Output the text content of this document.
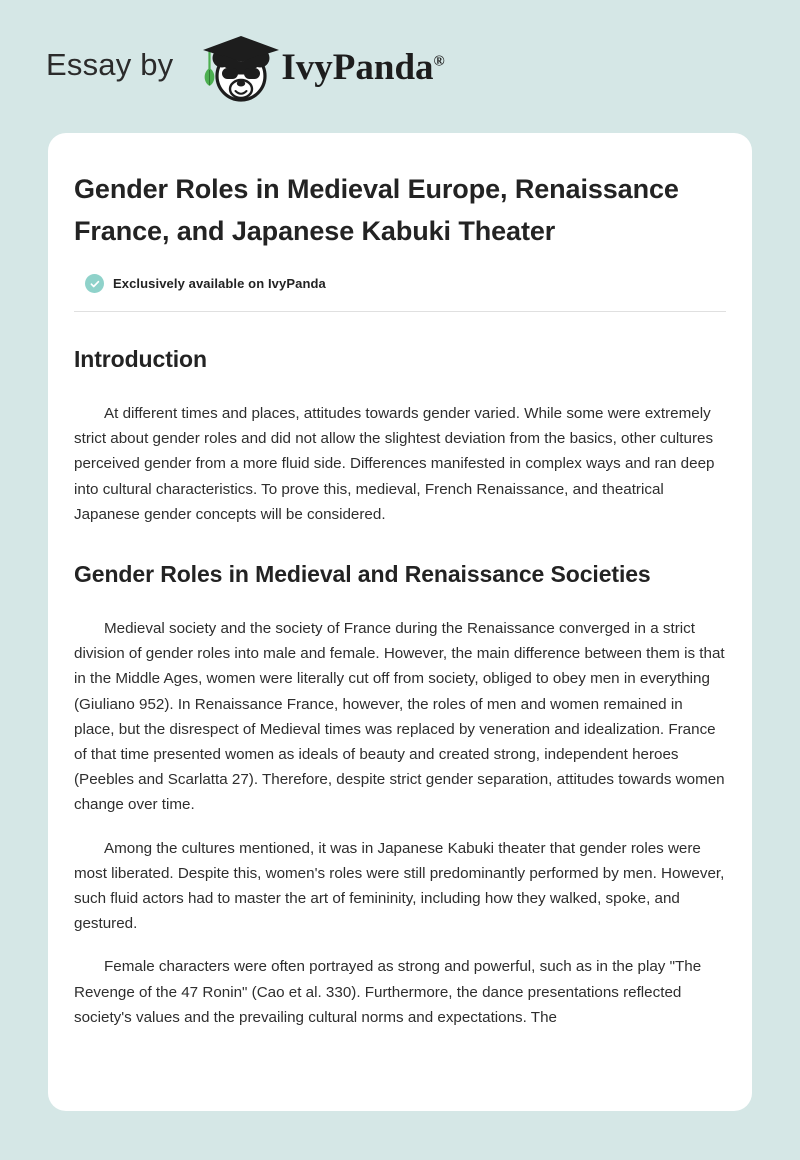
Essay by	IvyPanda®
Gender Roles in Medieval Europe, Renaissance France, and Japanese Kabuki Theater
Exclusively available on IvyPanda
Introduction

At different times and places, attitudes towards gender varied. While some were extremely strict about gender roles and did not allow the slightest deviation from the basics, other cultures perceived gender from a more fluid side. Differences manifested in complex ways and ran deep into cultural characteristics. To prove this, medieval, French Renaissance, and theatrical Japanese gender concepts will be considered.

Gender Roles in Medieval and Renaissance Societies

Medieval society and the society of France during the Renaissance converged in a strict division of gender roles into male and female. However, the main difference between them is that in the Middle Ages, women were literally cut off from society, obliged to obey men in everything (Giuliano 952). In Renaissance France, however, the roles of men and women remained in place, but the disrespect of Medieval times was replaced by veneration and idealization. France of that time presented women as ideals of beauty and created strong, independent heroes (Peebles and Scarlatta 27). Therefore, despite strict gender separation, attitudes towards women change over time.

Among the cultures mentioned, it was in Japanese Kabuki theater that gender roles were most liberated. Despite this, women's roles were still predominantly performed by men. However, such fluid actors had to master the art of femininity, including how they walked, spoke, and gestured.

Female characters were often portrayed as strong and powerful, such as in the play "The Revenge of the 47 Ronin" (Cao et al. 330). Furthermore, the dance presentations reflected society's values and the prevailing cultural norms and expectations. The
